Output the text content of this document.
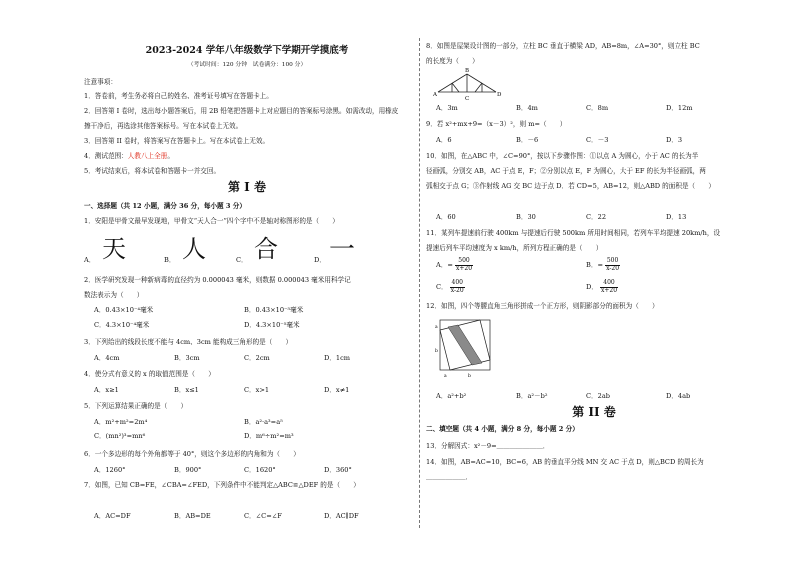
2023-2024 学年八年级数学下学期开学摸底考
（考试时间：120 分钟　试卷满分：100 分）
注意事项：
1．答卷前，考生务必将自己的姓名、准考证号填写在答题卡上。
2．回答第 I 卷时，选出每小题答案后，用 2B 铅笔把答题卡上对应题目的答案标号涂黑。如需改动，用橡皮
擦干净后，再选涂其他答案标号。写在本试卷上无效。
3．回答第 II 卷时，将答案写在答题卡上。写在本试卷上无效。
4．测试范围：人教八上全册。
5．考试结束后，将本试卷和答题卡一并交回。
第 I 卷
一、选择题（共 12 小题，满分 36 分，每小题 3 分）
1．安阳是甲骨文最早发现地，甲骨文“天人合一”四个字中不是轴对称图形的是（　　）
A．	B．	C．	D．
天 人 合 一
2．医学研究发现一种新病毒的直径约为 0.000043 毫米，则数据 0.000043 毫米用科学记
数法表示为（　　）
A．0.43×10⁻⁴毫米	B．0.43×10⁻⁵毫米
C．4.3×10⁻⁴毫米	D．4.3×10⁻⁵毫米
3．下列给出的线段长度不能与 4cm、3cm 能构成三角形的是（　　）
A．4cm	B．3cm	C．2cm	D．1cm
4．使分式有意义的 x 的取值范围是（　　）
A．x≥1	B．x≤1	C．x>1	D．x≠1
5．下列运算结果正确的是（　　）
A．m²+m²=2m⁴	B．a²·a³=a⁵
C．(mn²)³=mn⁶	D．m⁶÷m²=m³
6．一个多边形的每个外角都等于 40°，则这个多边形的内角和为（　　）
A．1260°	B．900°	C．1620°	D．360°
7．如图，已知 CB=FE，∠CBA=∠FED，下列条件中不能判定△ABC≌△DEF 的是（　　）
A．AC=DF	B．AB=DE	C．∠C=∠F	D．AC∥DF
8．如图是屋架设计图的一部分，立柱 BC 垂直于横梁 AD，AB=8m，∠A=30°，则立柱 BC
的长度为（　　）
A
B
C
D
A．3m	B．4m	C．8m	D．12m
9．若 x²+mx+9=（x－3）²，则 m=（　　）
A．6	B．－6	C．－3	D．3
10．如图，在△ABC 中，∠C=90°，按以下步骤作图：①以点 A 为圆心，小于 AC 的长为半
径画弧，分别交 AB，AC 于点 E，F；②分别以点 E，F 为圆心，大于 EF 的长为半径画弧，两
弧相交于点 G；③作射线 AG 交 BC 边于点 D．若 CD=5，AB=12，则△ABD 的面积是（　　）
A．60	B．30	C．22	D．13
11．某列车提速前行驶 400km 与提速后行驶 500km 所用时间相同，若列车平均提速 20km/h，设
提速后列车平均速度为 x km/h，所列方程正确的是（　　）
A．= $\frac{500}{x+20}$	B．= $\frac{500}{x-20}$
C． $\frac{400}{x-20}$	D． $\frac{400}{x+20}$
12．如图，四个等腰直角三角形拼成一个正方形，则阴影部分的面积为（　　）
a
b
a	b
A．a²+b²	B．a²－b²	C．2ab	D．4ab
第 II 卷
二、填空题（共 4 小题，满分 8 分，每小题 2 分）
13．分解因式：x²－9=＿＿＿＿＿＿＿．
14．如图，AB=AC=10，BC=6，AB 的垂直平分线 MN 交 AC 于点 D，则△BCD 的周长为
＿＿＿＿＿＿．
